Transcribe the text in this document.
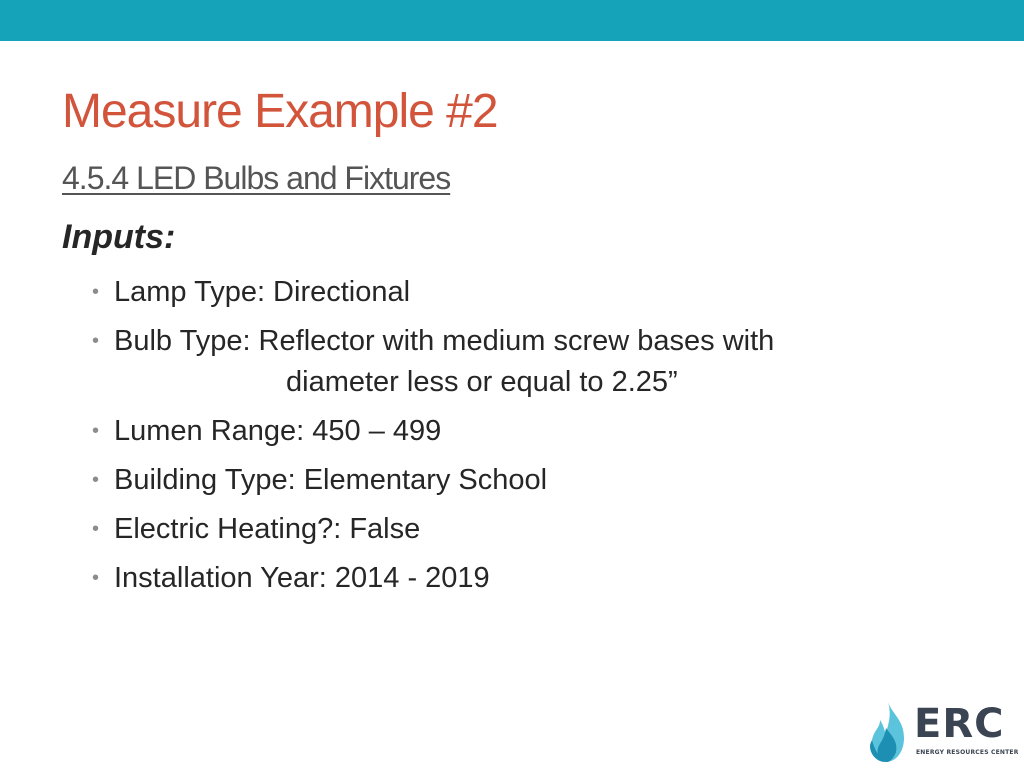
Measure Example #2
4.5.4 LED Bulbs and Fixtures
Inputs:
• Lamp Type: Directional
• Bulb Type: Reflector with medium screw bases with
diameter less or equal to 2.25”
• Lumen Range: 450 – 499
• Building Type: Elementary School
• Electric Heating?: False
• Installation Year: 2014 - 2019
ERC
ENERGY RESOURCES CENTER
